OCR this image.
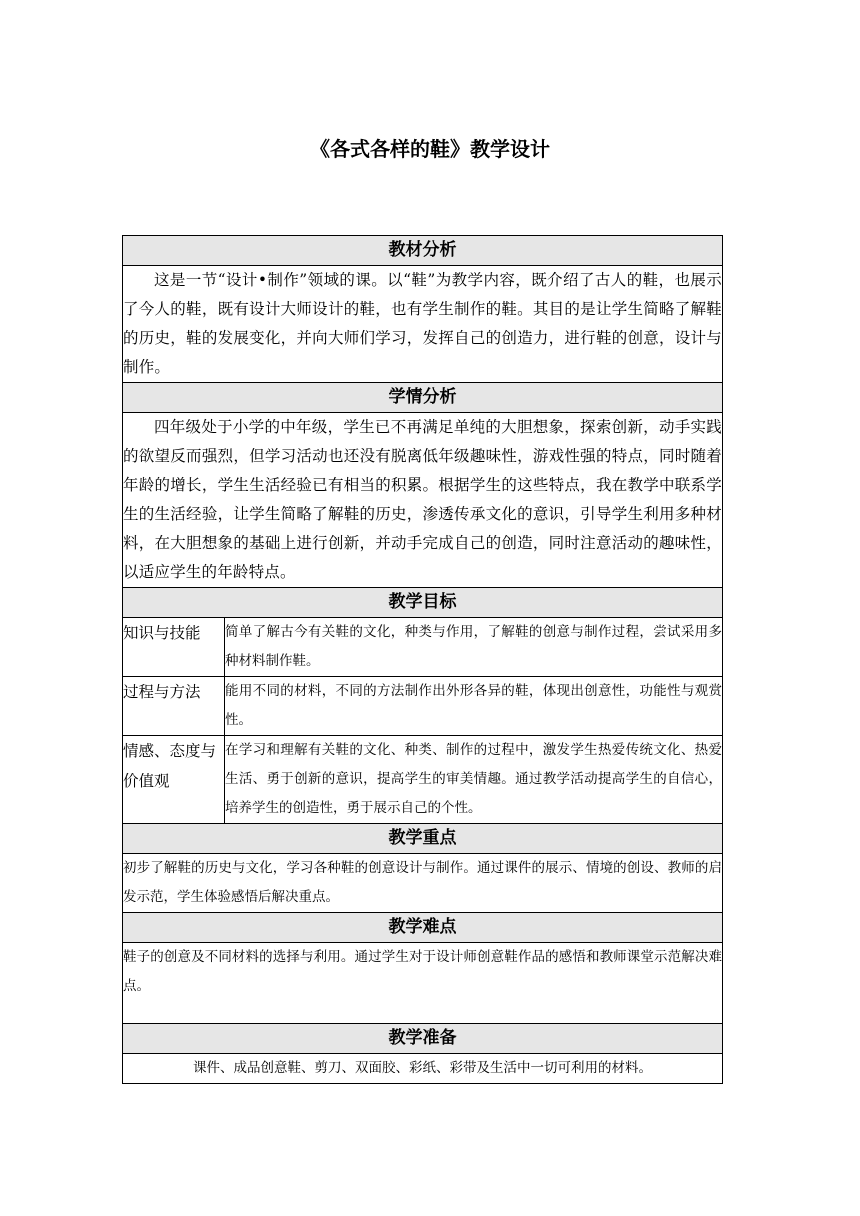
《各式各样的鞋》教学设计
教材分析	
这是一节“设计•制作”领域的课。以“鞋”为教学内容，既介绍了古人的鞋，也展示了今人的鞋，既有设计大师设计的鞋，也有学生制作的鞋。其目的是让学生简略了解鞋的历史，鞋的发展变化，并向大师们学习，发挥自己的创造力，进行鞋的创意，设计与制作。	
学情分析	
四年级处于小学的中年级，学生已不再满足单纯的大胆想象，探索创新，动手实践的欲望反而强烈，但学习活动也还没有脱离低年级趣味性，游戏性强的特点，同时随着年龄的增长，学生生活经验已有相当的积累。根据学生的这些特点，我在教学中联系学生的生活经验，让学生简略了解鞋的历史，渗透传承文化的意识，引导学生利用多种材料，在大胆想象的基础上进行创新，并动手完成自己的创造，同时注意活动的趣味性，以适应学生的年龄特点。	
教学目标	
知识与技能	简单了解古今有关鞋的文化，种类与作用，了解鞋的创意与制作过程，尝试采用多种材料制作鞋。
过程与方法	能用不同的材料，不同的方法制作出外形各异的鞋，体现出创意性，功能性与观赏性。
情感、态度与价值观	在学习和理解有关鞋的文化、种类、制作的过程中，激发学生热爱传统文化、热爱生活、勇于创新的意识，提高学生的审美情趣。通过教学活动提高学生的自信心，培养学生的创造性，勇于展示自己的个性。
教学重点	
初步了解鞋的历史与文化，学习各种鞋的创意设计与制作。通过课件的展示、情境的创设、教师的启发示范，学生体验感悟后解决重点。	
教学难点	
鞋子的创意及不同材料的选择与利用。通过学生对于设计师创意鞋作品的感悟和教师课堂示范解决难点。	
教学准备	
课件、成品创意鞋、剪刀、双面胶、彩纸、彩带及生活中一切可利用的材料。	
